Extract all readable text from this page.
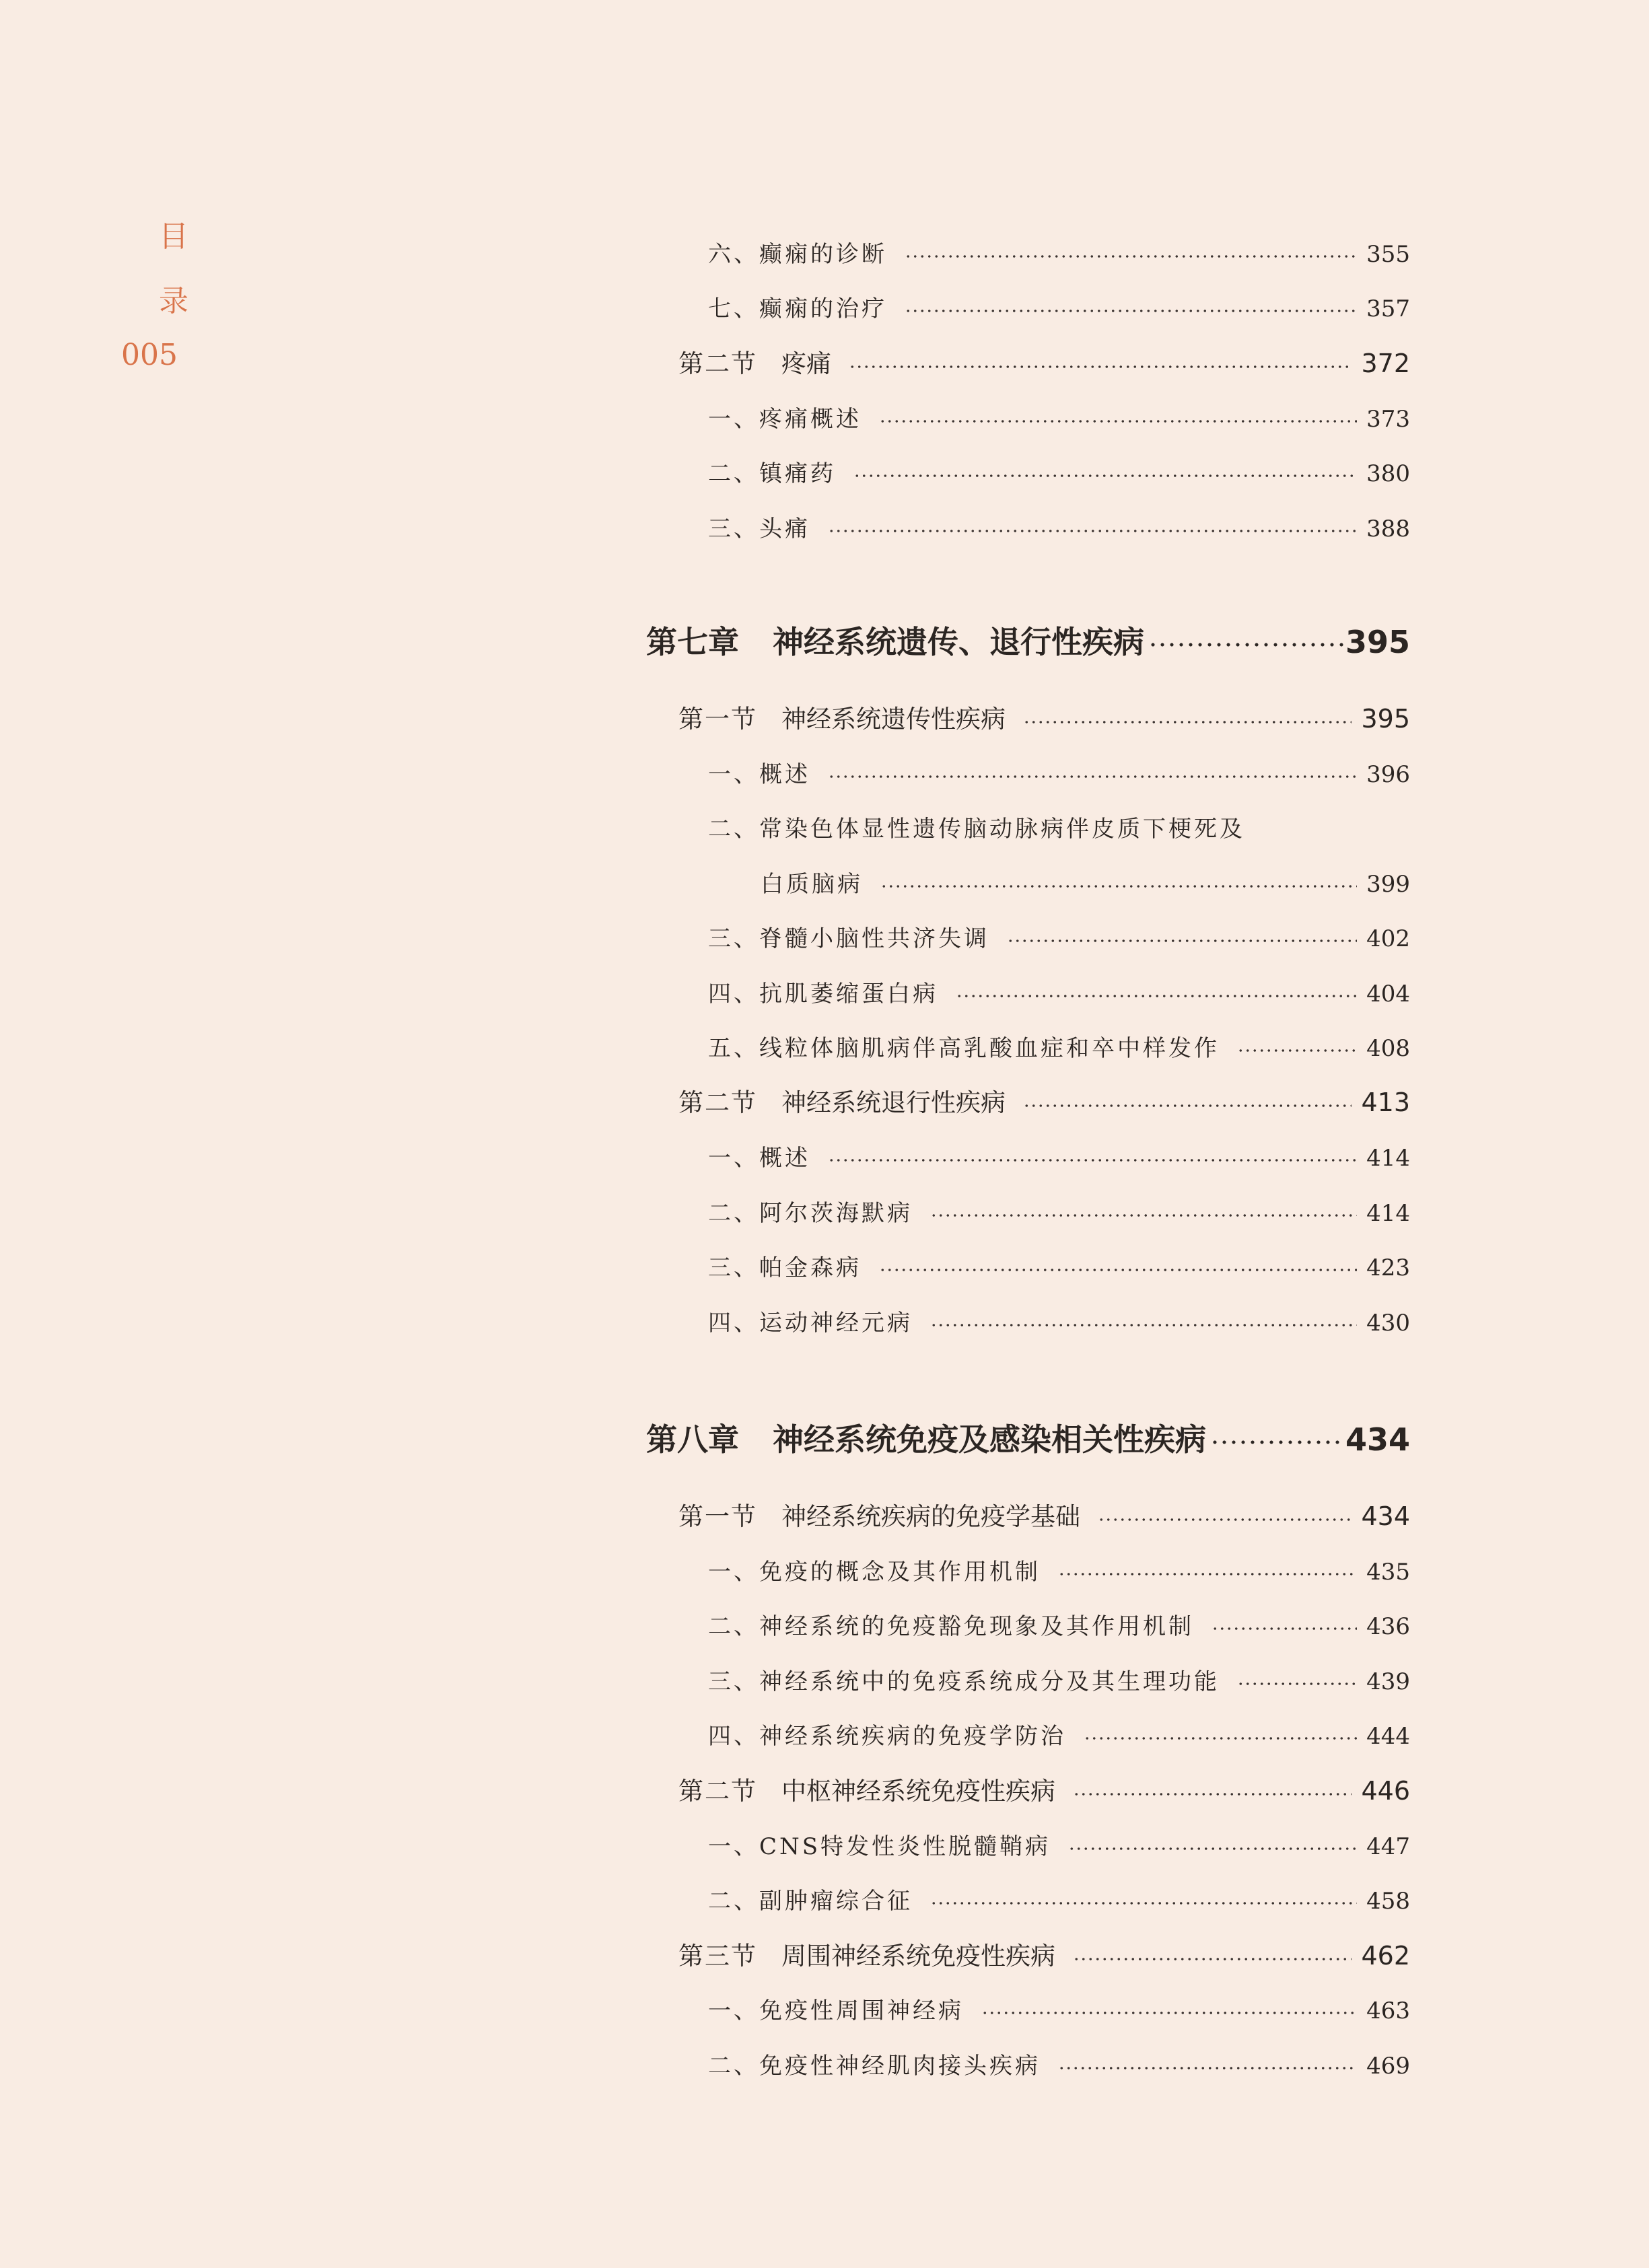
目
录
005
六、癫痫的诊断	355
七、癫痫的治疗	357
第二节 疼痛	372
一、疼痛概述	373
二、镇痛药	380
三、头痛	388
第七章 神经系统遗传、退行性疾病	395
第一节 神经系统遗传性疾病	395
一、概述	396
二、常染色体显性遗传脑动脉病伴皮质下梗死及
白质脑病	399
三、脊髓小脑性共济失调	402
四、抗肌萎缩蛋白病	404
五、线粒体脑肌病伴高乳酸血症和卒中样发作	408
第二节 神经系统退行性疾病	413
一、概述	414
二、阿尔茨海默病	414
三、帕金森病	423
四、运动神经元病	430
第八章 神经系统免疫及感染相关性疾病	434
第一节 神经系统疾病的免疫学基础	434
一、免疫的概念及其作用机制	435
二、神经系统的免疫豁免现象及其作用机制	436
三、神经系统中的免疫系统成分及其生理功能	439
四、神经系统疾病的免疫学防治	444
第二节 中枢神经系统免疫性疾病	446
一、CNS特发性炎性脱髓鞘病	447
二、副肿瘤综合征	458
第三节 周围神经系统免疫性疾病	462
一、免疫性周围神经病	463
二、免疫性神经肌肉接头疾病	469
